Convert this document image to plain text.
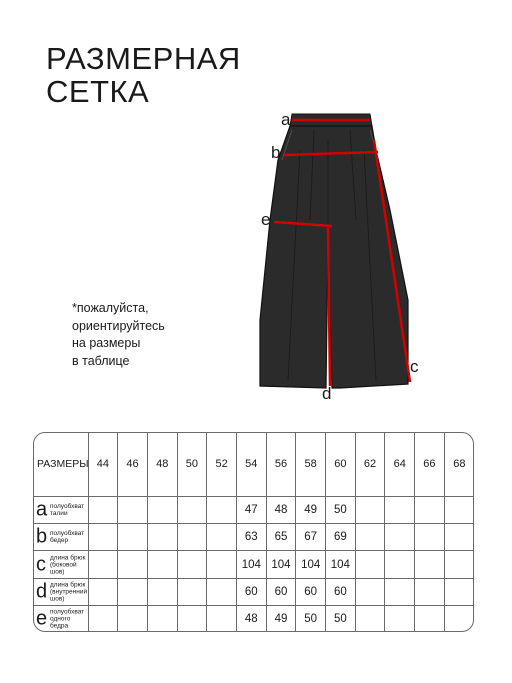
РАЗМЕРНАЯ
СЕТКА
*пожалуйста,
ориентируйтесь
на размеры
в таблице
a
b
e
c
d
РАЗМЕРЫ	44	46	48	50	52	54	56	58	60	62	64	66	68

a полуобхват
талии						47	48	49	50				

b полуобхват
бедер						63	65	67	69				

c длина брюк
(боковой
шов)						104	104	104	104				

d длина брюк
(внутренний
шов)						60	60	60	60				

e полуобхват
одного
бедра						48	49	50	50				
